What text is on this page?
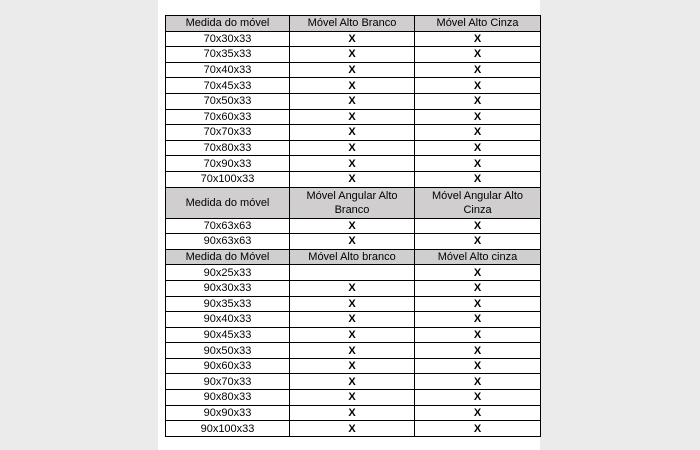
Medida do móvel	Móvel Alto Branco	Móvel Alto Cinza
70x30x33	X	X
70x35x33	X	X
70x40x33	X	X
70x45x33	X	X
70x50x33	X	X
70x60x33	X	X
70x70x33	X	X
70x80x33	X	X
70x90x33	X	X
70x100x33	X	X
Medida do móvel	Móvel Angular Alto Branco	Móvel Angular Alto Cinza
70x63x63	X	X
90x63x63	X	X
Medida do Móvel	Móvel Alto branco	Móvel Alto cinza
90x25x33		X
90x30x33	X	X
90x35x33	X	X
90x40x33	X	X
90x45x33	X	X
90x50x33	X	X
90x60x33	X	X
90x70x33	X	X
90x80x33	X	X
90x90x33	X	X
90x100x33	X	X
